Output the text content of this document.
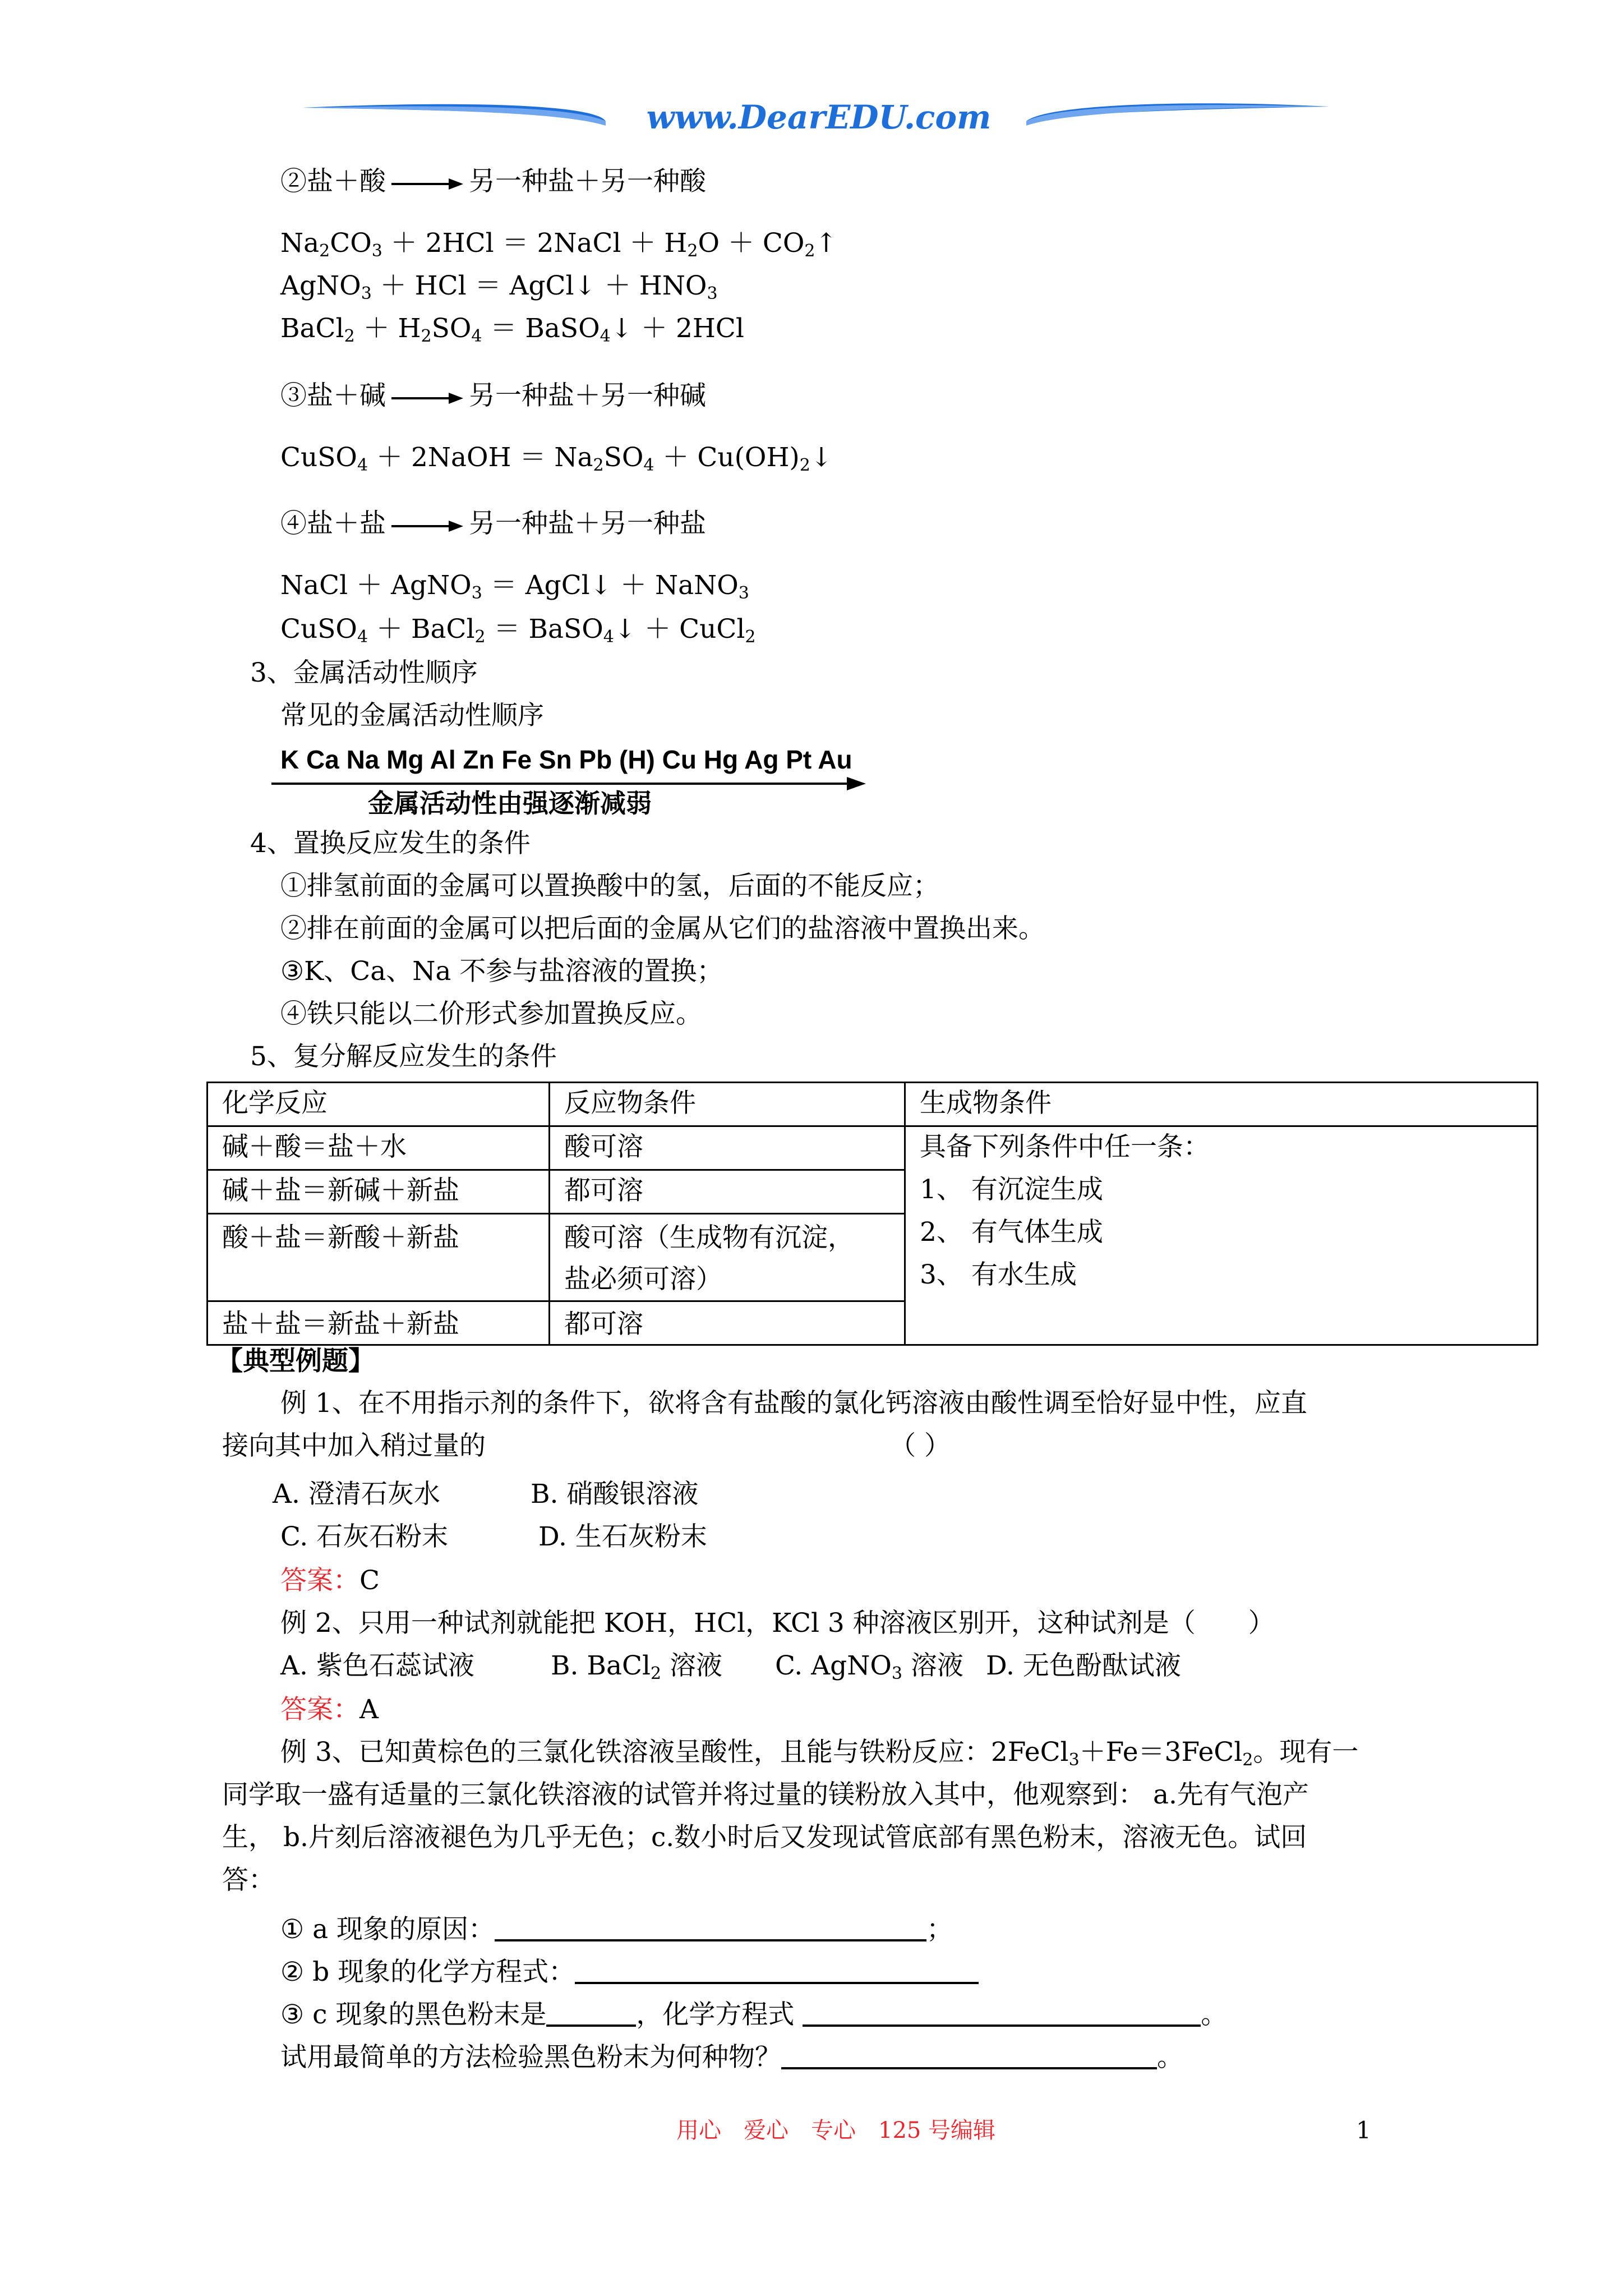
www.DearEDU.com
②盐＋酸	另一种盐＋另一种酸
$Na_2CO_3 + 2HCl$ ＝ 2NaCl ＋ $H_2O$ ＋ $CO_2↑$
AgNO$_3$ ＋ HCl ＝ AgCl↓ ＋ $HNO_3$
BaCl$_2$ ＋ $H_2SO_4$ ＝ BaSO$_4$↓ ＋ 2HCl
③盐＋碱	另一种盐＋另一种碱
CuSO$_4$ ＋ 2NaOH ＝ $Na_2SO_4$ ＋ $Cu(OH)_2↓$
④盐＋盐	另一种盐＋另一种盐
NaCl ＋ AgNO$_3$ ＝ AgCl↓ ＋ NaNO$_3$
CuSO$_4$ ＋ BaCl$_2$ ＝ BaSO$_4$↓ ＋ CuCl$_2$
3、金属活动性顺序
常见的金属活动性顺序
K Ca Na Mg Al Zn Fe Sn Pb (H) Cu Hg Ag Pt Au
金属活动性由强逐渐减弱
4、置换反应发生的条件
①排氢前面的金属可以置换酸中的氢，后面的不能反应；
②排在前面的金属可以把后面的金属从它们的盐溶液中置换出来。
③K、Ca、Na 不参与盐溶液的置换；
④铁只能以二价形式参加置换反应。
5、复分解反应发生的条件
化学反应	反应物条件	生成物条件
碱＋酸＝盐＋水	酸可溶
碱＋盐＝新碱＋新盐	都可溶
酸＋盐＝新酸＋新盐	酸可溶（生成物有沉淀，
盐必须可溶）
盐＋盐＝新盐＋新盐	都可溶
具备下列条件中任一条：
1、 有沉淀生成
2、 有气体生成
3、 有水生成
【典型例题】
例 1、在不用指示剂的条件下，欲将含有盐酸的氯化钙溶液由酸性调至恰好显中性，应直
接向其中加入稍过量的	（ ）
A. 澄清石灰水	B. 硝酸银溶液
C. 石灰石粉末	D. 生石灰粉末
答案：C
例 2、只用一种试剂就能把 KOH，HCl，KCl 3 种溶液区别开，这种试剂是（　　）
A. 紫色石蕊试液	B. BaCl$_2$ 溶液 C. AgNO$_3$ 溶液 D. 无色酚酞试液
答案：A
例 3、已知黄棕色的三氯化铁溶液呈酸性，且能与铁粉反应：2FeCl$_3$＋Fe＝3FeCl$_2$。现有一
同学取一盛有适量的三氯化铁溶液的试管并将过量的镁粉放入其中，他观察到： a.先有气泡产
生， b.片刻后溶液褪色为几乎无色；c.数小时后又发现试管底部有黑色粉末，溶液无色。试回
答：
① a 现象的原因：	；
② b 现象的化学方程式：
③ c 现象的黑色粉末是	，化学方程式	。
试用最简单的方法检验黑色粉末为何种物？	。
用心　爱心　专心　125 号编辑	1
